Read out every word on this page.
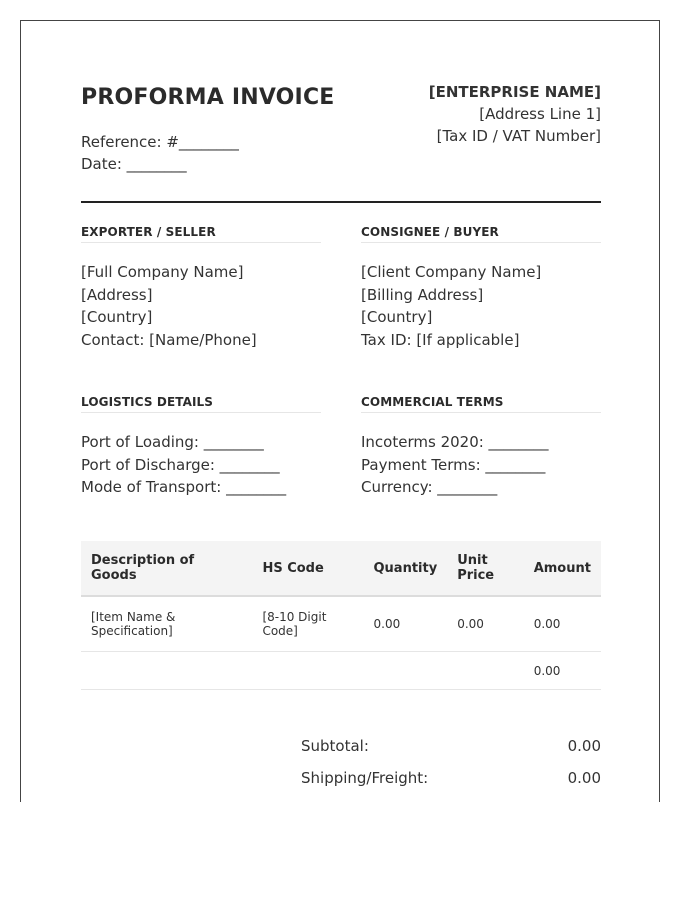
PROFORMA INVOICE
Reference: #________
Date: ________
[ENTERPRISE NAME]
[Address Line 1]
[Tax ID / VAT Number]
EXPORTER / SELLER
[Full Company Name]
[Address]
[Country]
Contact: [Name/Phone]
CONSIGNEE / BUYER
[Client Company Name]
[Billing Address]
[Country]
Tax ID: [If applicable]
LOGISTICS DETAILS
Port of Loading: ________
Port of Discharge: ________
Mode of Transport: ________
COMMERCIAL TERMS
Incoterms 2020: ________
Payment Terms: ________
Currency: ________
Description of Goods	HS Code	Quantity	Unit Price	Amount
[Item Name & Specification]	[8-10 Digit Code]	0.00	0.00	0.00
				0.00
Subtotal:	0.00
Shipping/Freight:	0.00
